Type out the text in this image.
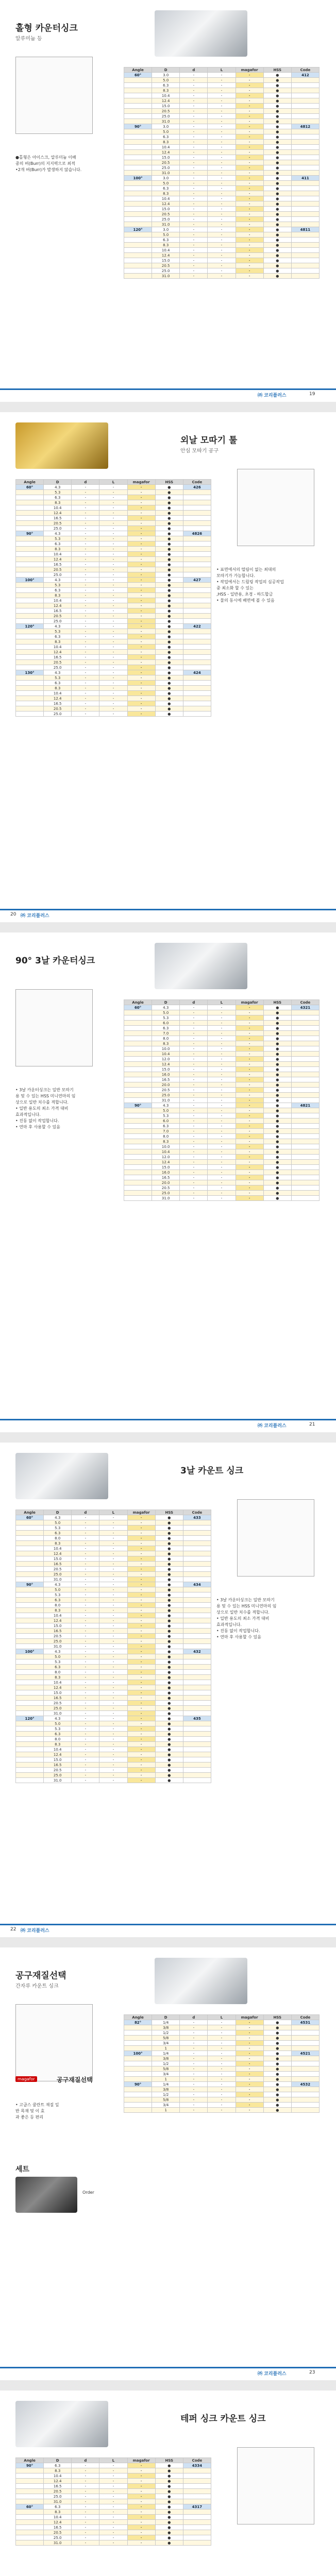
홀형 카운터싱크
알루미늄 등
●홀형은 아이스크, 알루미늄 이배
중의 버(Burr)의 지지력으로 최적
•2개 버(Burr)가 발생하지 않습니다.
Angle	D	d	L	magafor	HSS	Code
60°	3.0	-	-	-	●	412
	5.0	-	-	-	●	
	6.3	-	-	-	●	
	8.3	-	-	-	●	
	10.4	-	-	-	●	
	12.4	-	-	-	●	
	15.0	-	-	-	●	
	20.5	-	-	-	●	
	25.0	-	-	-	●	
	31.0	-	-	-	●	
90°	3.0	-	-	-	●	4812
	5.0	-	-	-	●	
	6.3	-	-	-	●	
	8.3	-	-	-	●	
	10.4	-	-	-	●	
	12.4	-	-	-	●	
	15.0	-	-	-	●	
	20.5	-	-	-	●	
	25.0	-	-	-	●	
	31.0	-	-	-	●	
100°	3.0	-	-	-	●	411
	5.0	-	-	-	●	
	6.3	-	-	-	●	
	8.3	-	-	-	●	
	10.4	-	-	-	●	
	12.4	-	-	-	●	
	15.0	-	-	-	●	
	20.5	-	-	-	●	
	25.0	-	-	-	●	
	31.0	-	-	-	●	
120°	3.0	-	-	-	●	4811
	5.0	-	-	-	●	
	6.3	-	-	-	●	
	8.3	-	-	-	●	
	10.4	-	-	-	●	
	12.4	-	-	-	●	
	15.0	-	-	-	●	
	20.5	-	-	-	●	
	25.0	-	-	-	●	
	31.0	-	-	-	●	
㈜ 코리플러스	19
외날 모따기 툴
안심 모따기 공구
• 표면에서의 떨림이 없는 최대의
모따기가 가능합니다.
• 작업에서는 드릴링 작업의 심공작업
중 최소화 할 수 있는
,HSS - 일반용, 초경 - 하드합금
• 물의 동시에 배면에 볼 수 있음
Angle	D	d	L	magafor	HSS	Code
60°	4.3	-	-	-	●	426
	5.3	-	-	-	●	
	6.3	-	-	-	●	
	8.3	-	-	-	●	
	10.4	-	-	-	●	
	12.4	-	-	-	●	
	16.5	-	-	-	●	
	20.5	-	-	-	●	
	25.0	-	-	-	●	
90°	4.3	-	-	-	●	4826
	5.3	-	-	-	●	
	6.3	-	-	-	●	
	8.3	-	-	-	●	
	10.4	-	-	-	●	
	12.4	-	-	-	●	
	16.5	-	-	-	●	
	20.5	-	-	-	●	
	25.0	-	-	-	●	
100°	4.3	-	-	-	●	427
	5.3	-	-	-	●	
	6.3	-	-	-	●	
	8.3	-	-	-	●	
	10.4	-	-	-	●	
	12.4	-	-	-	●	
	16.5	-	-	-	●	
	20.5	-	-	-	●	
	25.0	-	-	-	●	
120°	4.3	-	-	-	●	422
	5.3	-	-	-	●	
	6.3	-	-	-	●	
	8.3	-	-	-	●	
	10.4	-	-	-	●	
	12.4	-	-	-	●	
	16.5	-	-	-	●	
	20.5	-	-	-	●	
	25.0	-	-	-	●	
130°	4.3	-	-	-	●	424
	5.3	-	-	-	●	
	6.3	-	-	-	●	
	8.3	-	-	-	●	
	10.4	-	-	-	●	
	12.4	-	-	-	●	
	16.5	-	-	-	●	
	20.5	-	-	-	●	
	25.0	-	-	-	●	
㈜ 코리플러스
20
90° 3날 카운터싱크
• 3날 카운터싱크는 일반 모따기
용 및 수 있는 HSS 미니연마의 임
상으로 일반 치수를 적합니다.
• 일반 용도의 최소 가격 대비
효과적입니다.
• 진동 없이 작업합니다.
• 연마 후 사용할 수 있음
Angle	D	d	L	magafor	HSS	Code
60°	4.3	-	-	-	●	4321
	5.0	-	-	-	●	
	5.3	-	-	-	●	
	6.0	-	-	-	●	
	6.3	-	-	-	●	
	7.0	-	-	-	●	
	8.0	-	-	-	●	
	8.3	-	-	-	●	
	10.0	-	-	-	●	
	10.4	-	-	-	●	
	12.0	-	-	-	●	
	12.4	-	-	-	●	
	15.0	-	-	-	●	
	16.0	-	-	-	●	
	16.5	-	-	-	●	
	20.0	-	-	-	●	
	20.5	-	-	-	●	
	25.0	-	-	-	●	
	31.0	-	-	-	●	
90°	4.3	-	-	-	●	4821
	5.0	-	-	-	●	
	5.3	-	-	-	●	
	6.0	-	-	-	●	
	6.3	-	-	-	●	
	7.0	-	-	-	●	
	8.0	-	-	-	●	
	8.3	-	-	-	●	
	10.0	-	-	-	●	
	10.4	-	-	-	●	
	12.0	-	-	-	●	
	12.4	-	-	-	●	
	15.0	-	-	-	●	
	16.0	-	-	-	●	
	16.5	-	-	-	●	
	20.0	-	-	-	●	
	20.5	-	-	-	●	
	25.0	-	-	-	●	
	31.0	-	-	-	●	
㈜ 코리플러스	21
3날 카운트 싱크
• 3날 카운터싱크는 일반 모따기
용 및 수 있는 HSS 미니연마의 임
상으로 일반 치수를 적합니다.
• 일반 용도의 최소 가격 대비
효과적입니다.
• 진동 없이 작업합니다.
• 연마 후 사용할 수 있음
Angle	D	d	L	magafor	HSS	Code
60°	4.3	-	-	-	●	433
	5.0	-	-	-	●	
	5.3	-	-	-	●	
	6.3	-	-	-	●	
	8.0	-	-	-	●	
	8.3	-	-	-	●	
	10.4	-	-	-	●	
	12.4	-	-	-	●	
	15.0	-	-	-	●	
	16.5	-	-	-	●	
	20.5	-	-	-	●	
	25.0	-	-	-	●	
	31.0	-	-	-	●	
90°	4.3	-	-	-	●	434
	5.0	-	-	-	●	
	5.3	-	-	-	●	
	6.3	-	-	-	●	
	8.0	-	-	-	●	
	8.3	-	-	-	●	
	10.4	-	-	-	●	
	12.4	-	-	-	●	
	15.0	-	-	-	●	
	16.5	-	-	-	●	
	20.5	-	-	-	●	
	25.0	-	-	-	●	
	31.0	-	-	-	●	
100°	4.3	-	-	-	●	432
	5.0	-	-	-	●	
	5.3	-	-	-	●	
	6.3	-	-	-	●	
	8.0	-	-	-	●	
	8.3	-	-	-	●	
	10.4	-	-	-	●	
	12.4	-	-	-	●	
	15.0	-	-	-	●	
	16.5	-	-	-	●	
	20.5	-	-	-	●	
	25.0	-	-	-	●	
	31.0	-	-	-	●	
120°	4.3	-	-	-	●	435
	5.0	-	-	-	●	
	5.3	-	-	-	●	
	6.3	-	-	-	●	
	8.0	-	-	-	●	
	8.3	-	-	-	●	
	10.4	-	-	-	●	
	12.4	-	-	-	●	
	15.0	-	-	-	●	
	16.5	-	-	-	●	
	20.5	-	-	-	●	
	25.0	-	-	-	●	
	31.0	-	-	-	●	
㈜ 코리플러스
22
공구재질선택
간자루 카운트 싱크
• 고급스 쿨란트 재질 일
반 목재 및 이 효
과 좋은 등 편리
Angle	D	d	L	magafor	HSS	Code
82°	1/4	-	-	-	●	4531
	3/8	-	-	-	●	
	1/2	-	-	-	●	
	5/8	-	-	-	●	
	3/4	-	-	-	●	
	1	-	-	-	●	
100°	1/4	-	-	-	●	4521
	3/8	-	-	-	●	
	1/2	-	-	-	●	
	5/8	-	-	-	●	
	3/4	-	-	-	●	
	1	-	-	-	●	
90°	1/4	-	-	-	●	4532
	3/8	-	-	-	●	
	1/2	-	-	-	●	
	5/8	-	-	-	●	
	3/4	-	-	-	●	
	1	-	-	-	●	
㈜ 코리플러스	23
magafor	공구재질선택
세트
Order
테퍼 싱크 카운트 싱크
Angle	D	d	L	magafor	HSS	Code
90°	6.3	-	-	-	●	4334
	8.3	-	-	-	●	
	10.4	-	-	-	●	
	12.4	-	-	-	●	
	16.5	-	-	-	●	
	20.5	-	-	-	●	
	25.0	-	-	-	●	
	31.0	-	-	-	●	
60°	6.3	-	-	-	●	4317
	8.3	-	-	-	●	
	10.4	-	-	-	●	
	12.4	-	-	-	●	
	16.5	-	-	-	●	
	20.5	-	-	-	●	
	25.0	-	-	-	●	
	31.0	-	-	-	●	
